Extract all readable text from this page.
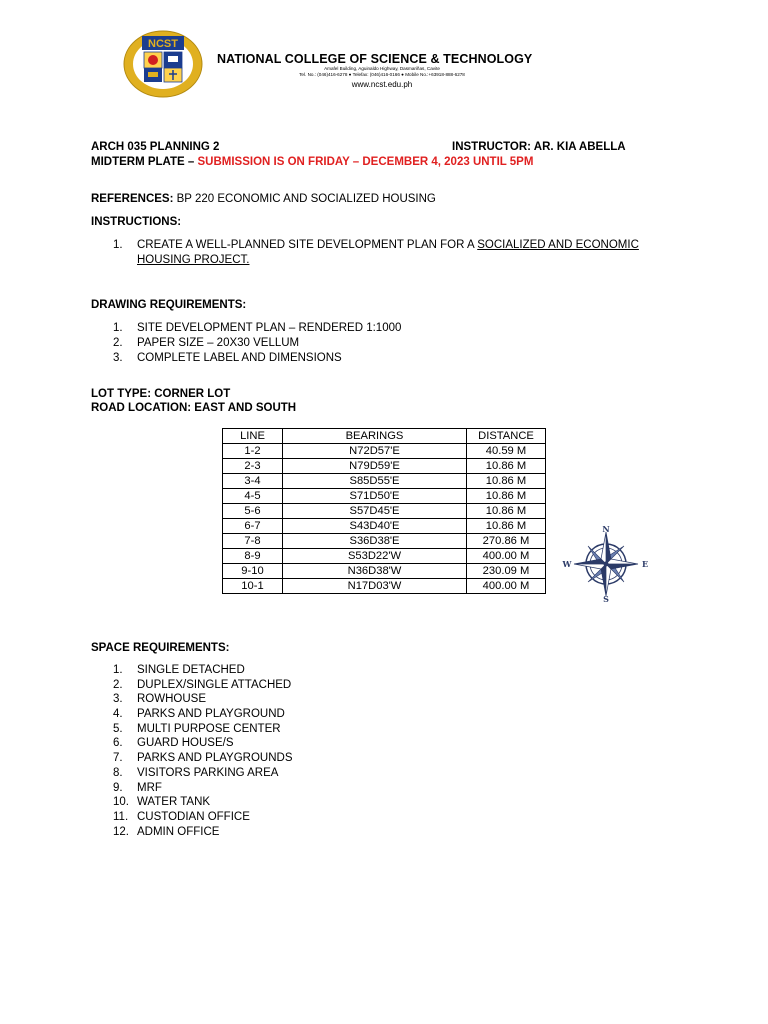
NCST
NATIONAL COLLEGE OF SCIENCE & TECHNOLOGY
Amafel Building, Aguinaldo Highway, Dasmariñas, Cavite
Tel. No.: (046)416-6278 ● Telefax: (046)416-0166 ● Mobile No.:+63918-888-6278
www.ncst.edu.ph
ARCH 035 PLANNING 2	INSTRUCTOR: AR. KIA ABELLA
MIDTERM PLATE – SUBMISSION IS ON FRIDAY – DECEMBER 4, 2023 UNTIL 5PM
REFERENCES: BP 220 ECONOMIC AND SOCIALIZED HOUSING
INSTRUCTIONS:
1. CREATE A WELL-PLANNED SITE DEVELOPMENT PLAN FOR A SOCIALIZED AND ECONOMIC
HOUSING PROJECT.
DRAWING REQUIREMENTS:
1. SITE DEVELOPMENT PLAN – RENDERED 1:1000
2. PAPER SIZE – 20X30 VELLUM
3. COMPLETE LABEL AND DIMENSIONS
LOT TYPE: CORNER LOT
ROAD LOCATION: EAST AND SOUTH
LINE	BEARINGS	DISTANCE
1-2	N72D57'E	40.59 M
2-3	N79D59'E	10.86 M
3-4	S85D55'E	10.86 M
4-5	S71D50'E	10.86 M
5-6	S57D45'E	10.86 M
6-7	S43D40'E	10.86 M
7-8	S36D38'E	270.86 M
8-9	S53D22'W	400.00 M
9-10	N36D38'W	230.09 M
10-1	N17D03'W	400.00 M
N
S
E
W
SPACE REQUIREMENTS:
1. SINGLE DETACHED
2. DUPLEX/SINGLE ATTACHED
3. ROWHOUSE
4. PARKS AND PLAYGROUND
5. MULTI PURPOSE CENTER
6. GUARD HOUSE/S
7. PARKS AND PLAYGROUNDS
8. VISITORS PARKING AREA
9. MRF
10. WATER TANK
11. CUSTODIAN OFFICE
12. ADMIN OFFICE
